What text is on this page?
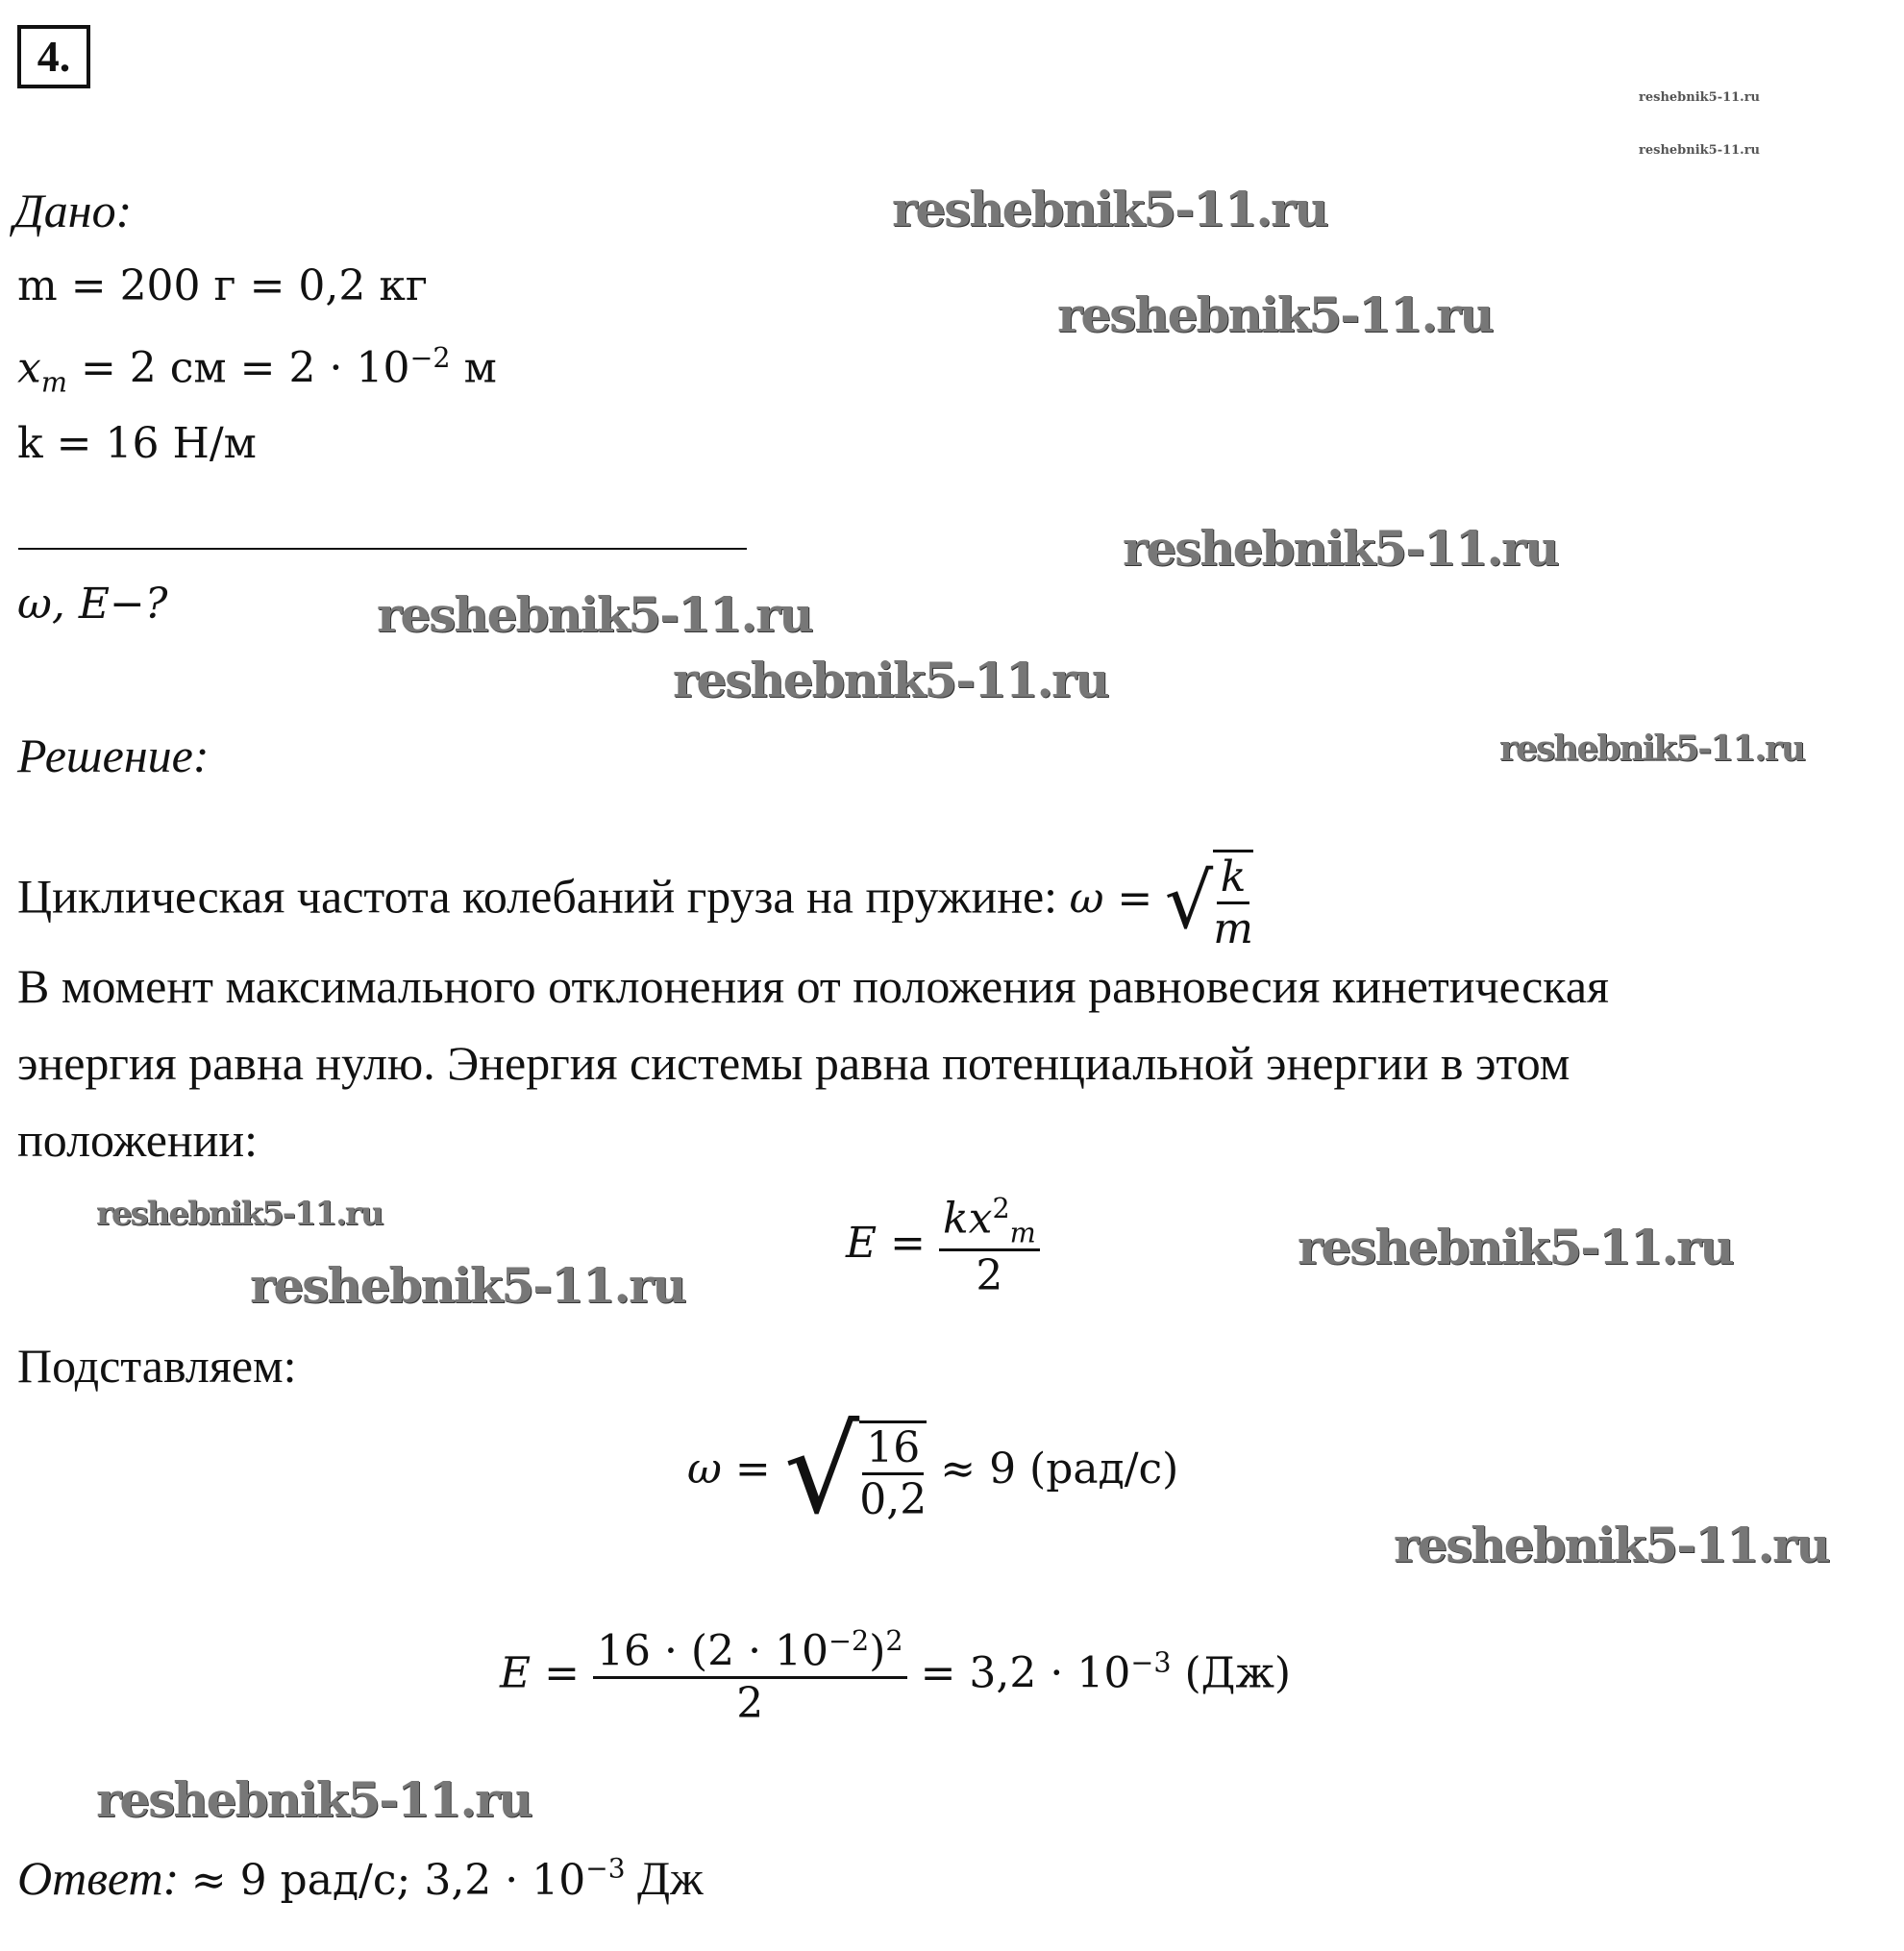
4.
Дано:
m = 200 г = 0,2 кг
$x_m = 2$ см = $2 \cdot 10^{-2}$ м
k = 16 Н/м
ω, E−?
Решение:
Циклическая частота колебаний груза на пружине: ω = √ $\frac{k}{m}$
В момент максимального отклонения от положения равновесия кинетическая
энергия равна нулю. Энергия системы равна потенциальной энергии в этом
положении:
$E = \frac{kx^2_m}{2}$
Подставляем:
ω = √ $\frac{16}{0,2} \approx 9$ (рад/с)
$E = \frac{16 \cdot (2 \cdot 10^{-2})^2}{2} = 3,2 \cdot 10^{-3}$ (Дж)
Ответ: ≈ 9 рад/с; $3,2 \cdot 10^{-3}$ Дж
reshebnik5-11.ru
reshebnik5-11.ru
reshebnik5-11.ru
reshebnik5-11.ru
reshebnik5-11.ru
reshebnik5-11.ru
reshebnik5-11.ru
reshebnik5-11.ru
reshebnik5-11.ru
reshebnik5-11.ru
reshebnik5-11.ru
reshebnik5-11.ru
reshebnik5-11.ru
